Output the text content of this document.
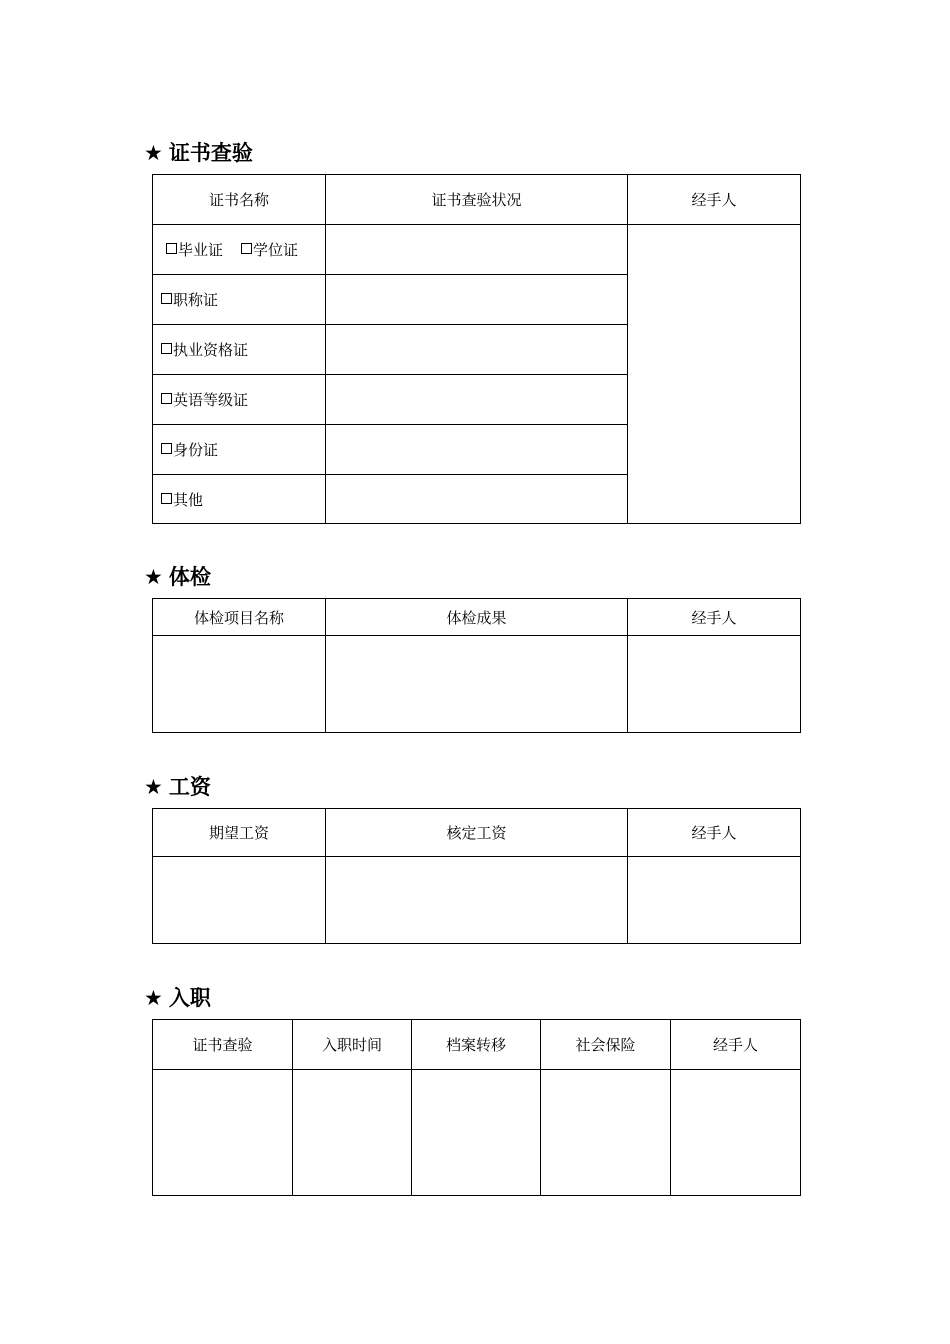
★ 证书查验
证书名称	证书查验状况	经手人
毕业证 学位证		
职称证		
执业资格证		
英语等级证		
身份证		
其他		
★ 体检
体检项目名称	体检成果	经手人

★ 工资
期望工资	核定工资	经手人

★ 入职
证书查验	入职时间	档案转移	社会保险	经手人
